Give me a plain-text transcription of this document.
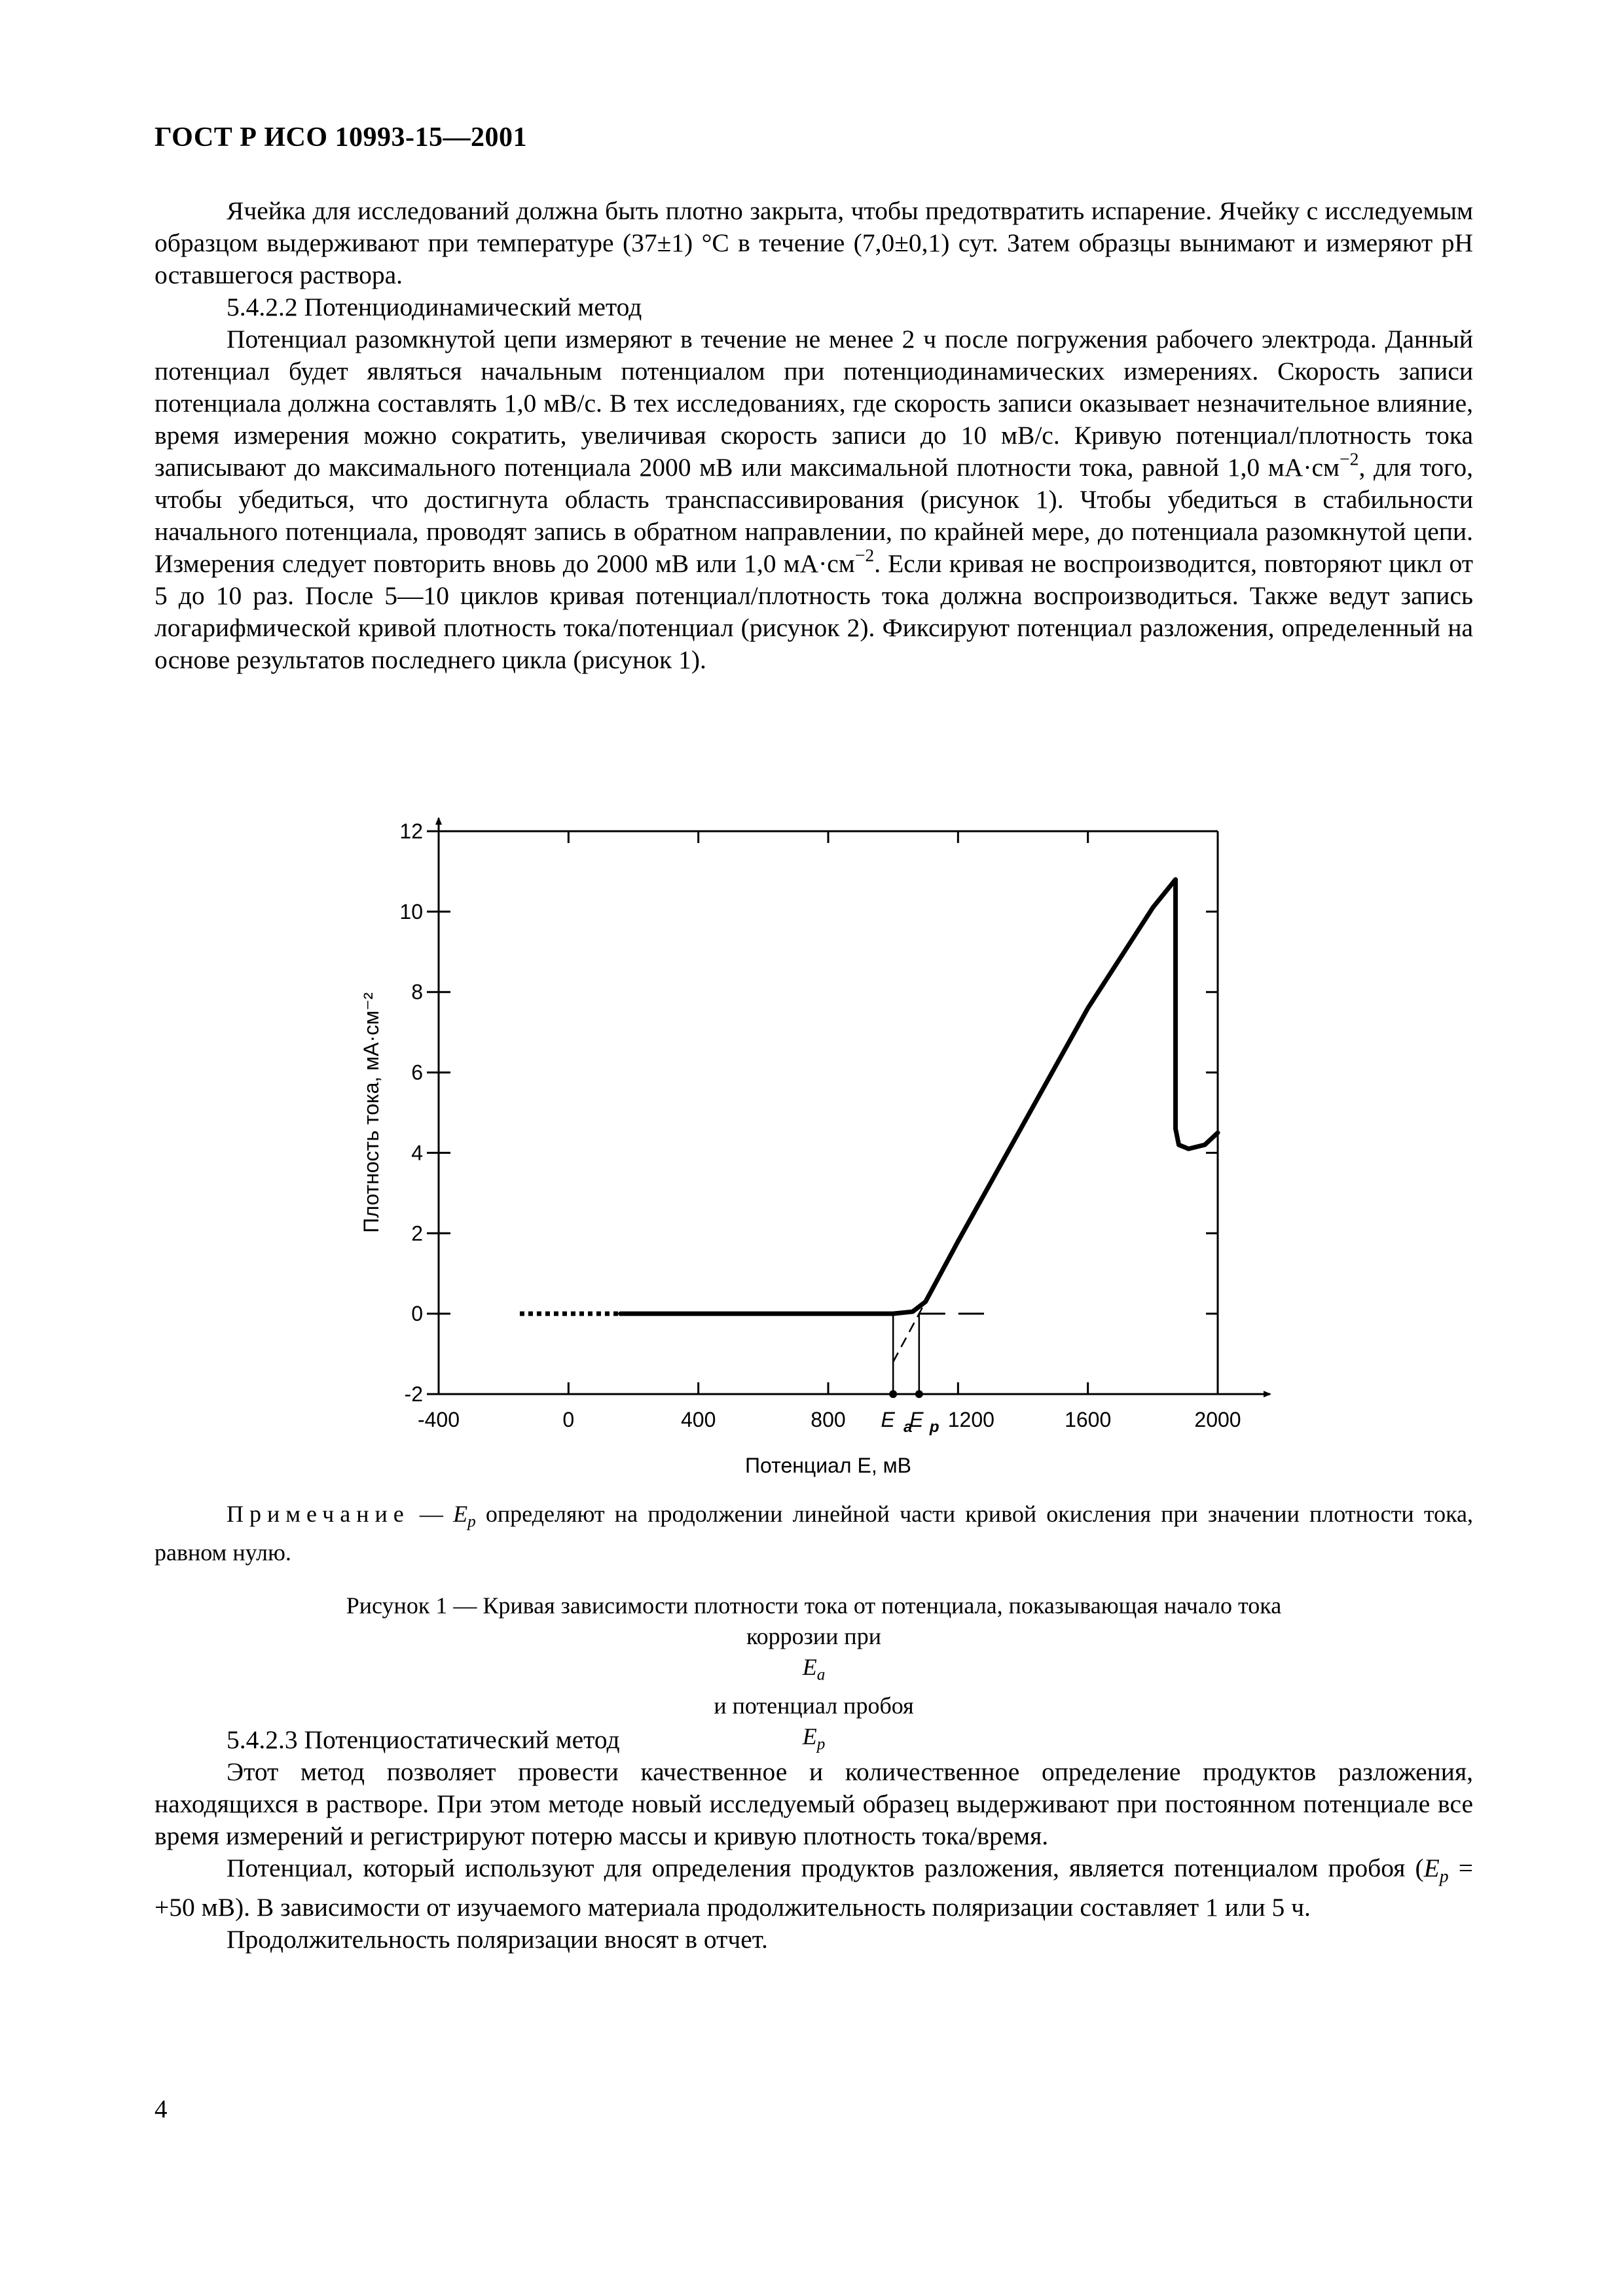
ГОСТ Р ИСО 10993-15—2001

Ячейка для исследований должна быть плотно закрыта, чтобы предотвратить испарение. Ячейку с исследуемым образцом выдерживают при температуре (37±1) °С в течение (7,0±0,1) сут. Затем образцы вынимают и измеряют рН оставшегося раствора.

5.4.2.2 Потенциодинамический метод

Потенциал разомкнутой цепи измеряют в течение не менее 2 ч после погружения рабочего электрода. Данный потенциал будет являться начальным потенциалом при потенциодинамических измерениях. Скорость записи потенциала должна составлять 1,0 мВ/с. В тех исследованиях, где скорость записи оказывает незначительное влияние, время измерения можно сократить, увеличивая скорость записи до 10 мВ/с. Кривую потенциал/плотность тока записывают до максимального потенциала 2000 мВ или максимальной плотности тока, равной 1,0 $мА\cdot см^{-2}$, для того, чтобы убедиться, что достигнута область транспассивирования (рисунок 1). Чтобы убедиться в стабильности начального потенциала, проводят запись в обратном направлении, по крайней мере, до потенциала разомкнутой цепи. Измерения следует повторить вновь до 2000 мВ или 1,0 $мА\cdot см^{-2}$. Если кривая не воспроизводится, повторяют цикл от 5 до 10 раз. После 5—10 циклов кривая потенциал/плотность тока должна воспроизводиться. Также ведут запись логарифмической кривой плотность тока/потенциал (рисунок 2). Фиксируют потенциал разложения, определенный на основе результатов последнего цикла (рисунок 1).

-2
0
2
4
6
8
10
12
-400	0	400	800	1600	2000
1200
E a
E p
Потенциал E, мВ
Плотность тока, мА·см⁻²
Примечание — $E_p$ определяют на продолжении линейной части кривой окисления при значении плотности тока, равном нулю.
Рисунок 1 — Кривая зависимости плотности тока от потенциала, показывающая начало тока
коррозии при
$E_a$
и потенциал пробоя
$E_p$

5.4.2.3 Потенциостатический метод

Этот метод позволяет провести качественное и количественное определение продуктов разложения, находящихся в растворе. При этом методе новый исследуемый образец выдерживают при постоянном потенциале все время измерений и регистрируют потерю массы и кривую плотность тока/время.

Потенциал, который используют для определения продуктов разложения, является потенциалом пробоя ($E_p = +50$ мВ). В зависимости от изучаемого материала продолжительность поляризации составляет 1 или 5 ч.

Продолжительность поляризации вносят в отчет.

4
